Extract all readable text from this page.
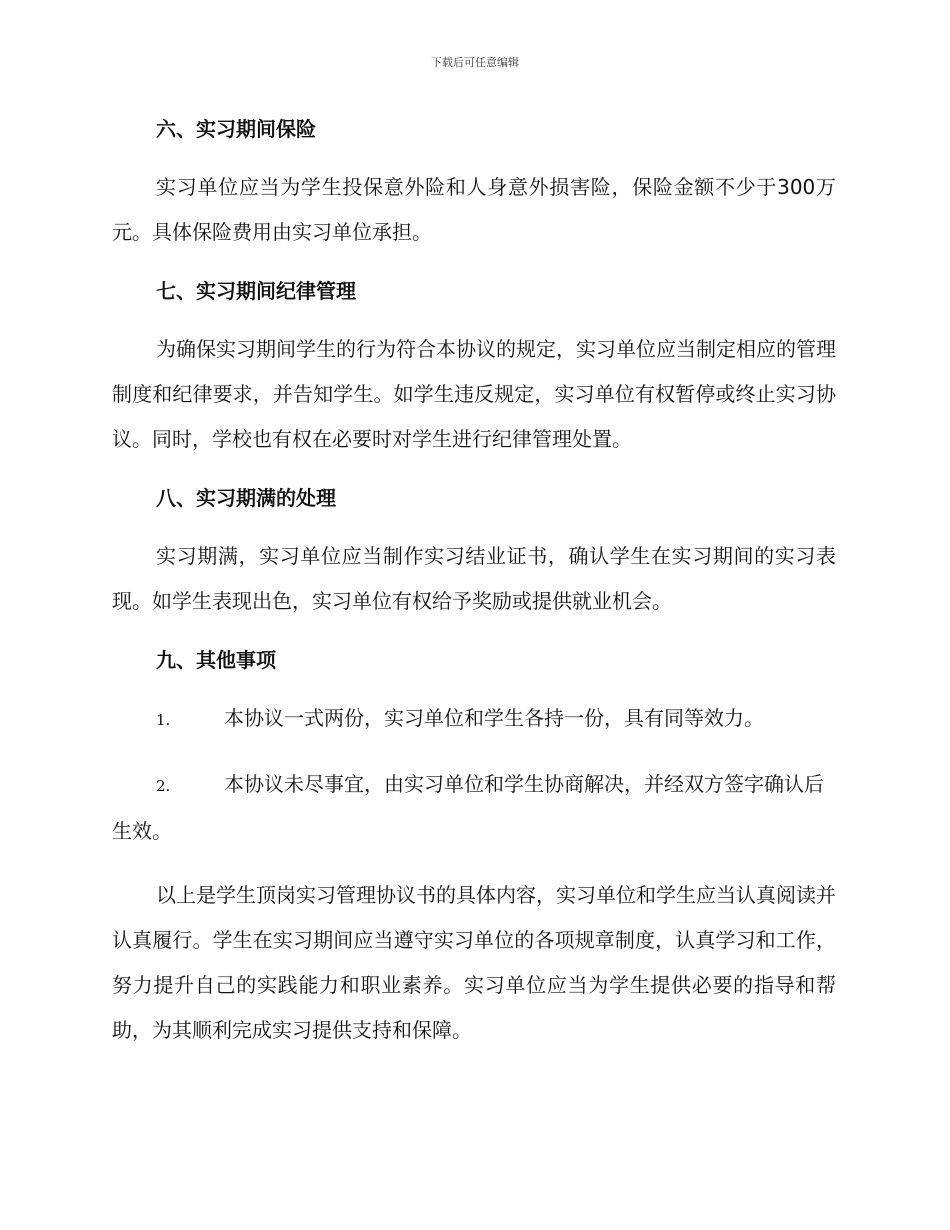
下载后可任意编辑
六、实习期间保险

实习单位应当为学生投保意外险和人身意外损害险，保险金额不少于300万元。具体保险费用由实习单位承担。

七、实习期间纪律管理

为确保实习期间学生的行为符合本协议的规定，实习单位应当制定相应的管理制度和纪律要求，并告知学生。如学生违反规定，实习单位有权暂停或终止实习协议。同时，学校也有权在必要时对学生进行纪律管理处置。

八、实习期满的处理

实习期满，实习单位应当制作实习结业证书，确认学生在实习期间的实习表现。如学生表现出色，实习单位有权给予奖励或提供就业机会。

九、其他事项

1.	本协议一式两份，实习单位和学生各持一份，具有同等效力。

2.	本协议未尽事宜，由实习单位和学生协商解决，并经双方签字确认后生效。

以上是学生顶岗实习管理协议书的具体内容，实习单位和学生应当认真阅读并认真履行。学生在实习期间应当遵守实习单位的各项规章制度，认真学习和工作，努力提升自己的实践能力和职业素养。实习单位应当为学生提供必要的指导和帮助，为其顺利完成实习提供支持和保障。
